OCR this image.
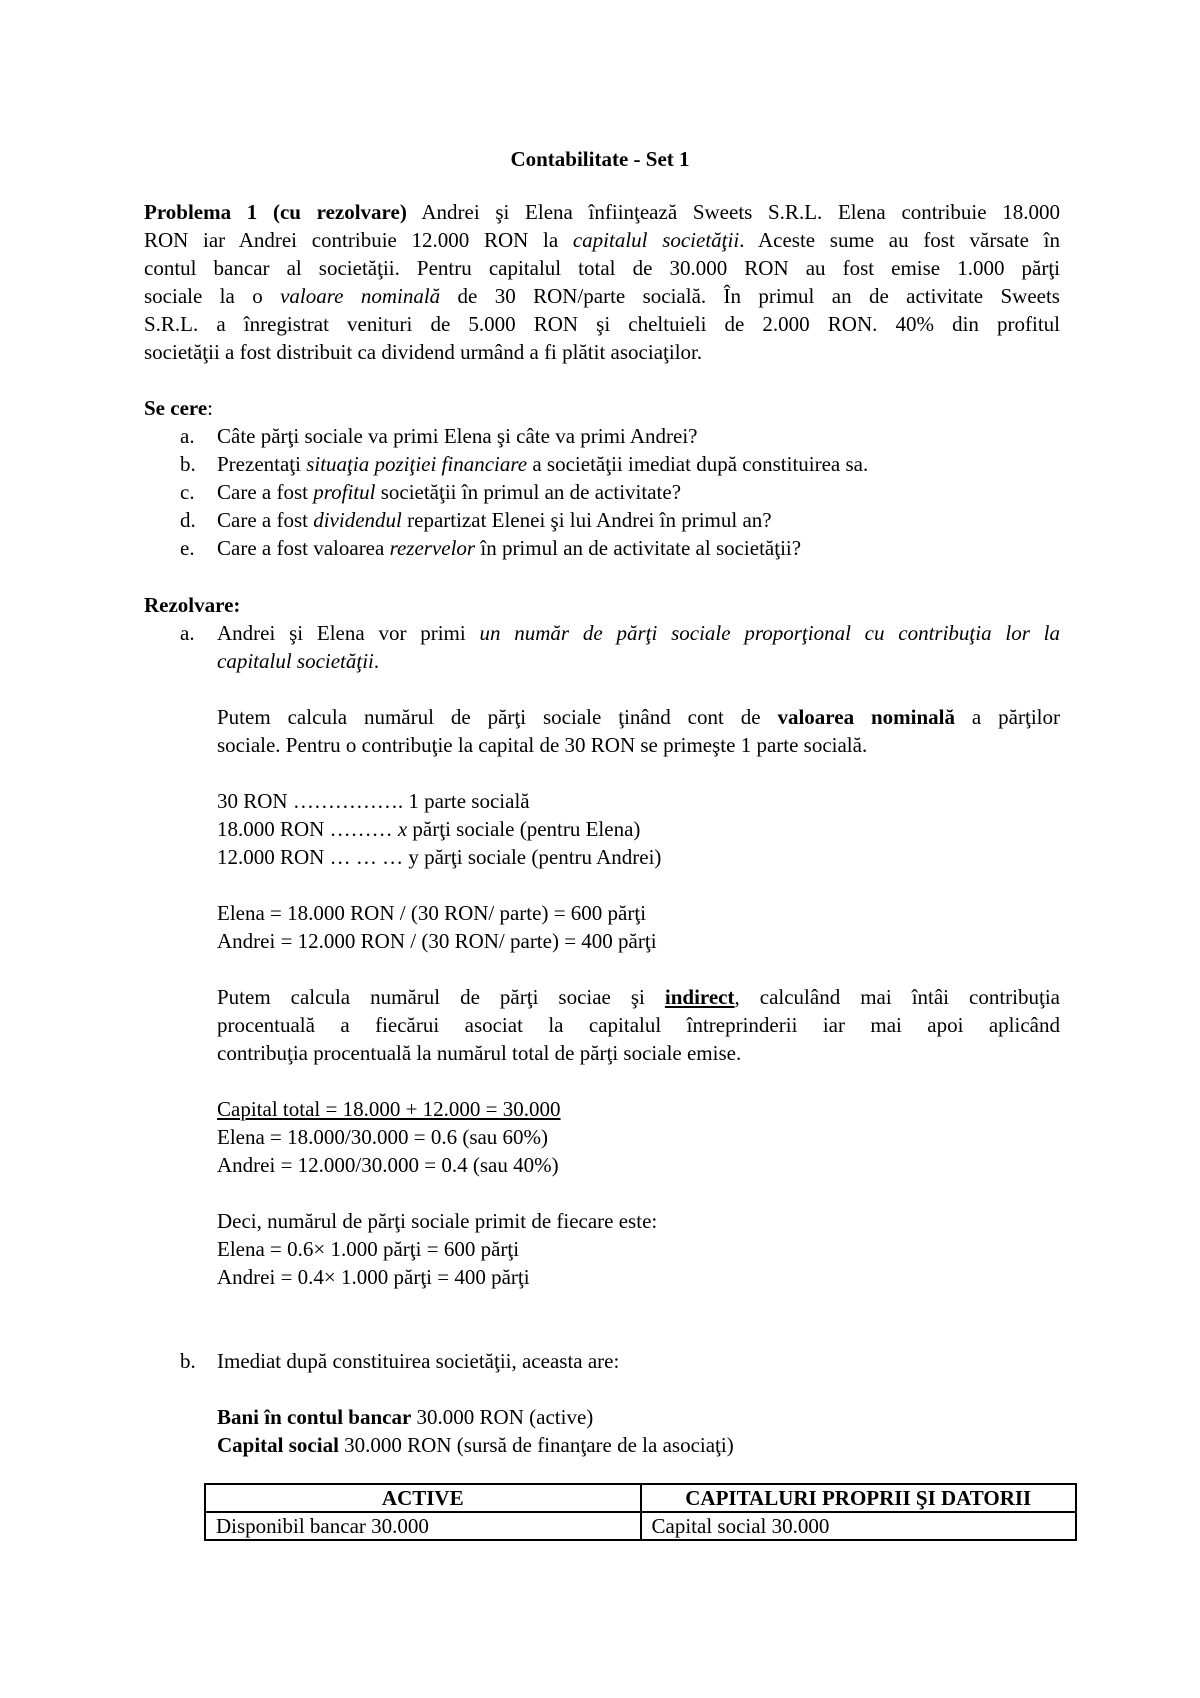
Contabilitate - Set 1
Problema 1 (cu rezolvare) Andrei şi Elena înfiinţează Sweets S.R.L. Elena contribuie 18.000
RON iar Andrei contribuie 12.000 RON la capitalul societăţii. Aceste sume au fost vărsate în
contul bancar al societăţii. Pentru capitalul total de 30.000 RON au fost emise 1.000 părţi
sociale la o valoare nominală de 30 RON/parte socială. În primul an de activitate Sweets
S.R.L. a înregistrat venituri de 5.000 RON şi cheltuieli de 2.000 RON. 40% din profitul
societăţii a fost distribuit ca dividend urmând a fi plătit asociaţilor.
Se cere:
a. Câte părţi sociale va primi Elena şi câte va primi Andrei?
b. Prezentaţi situaţia poziţiei financiare a societăţii imediat după constituirea sa.
c. Care a fost profitul societăţii în primul an de activitate?
d. Care a fost dividendul repartizat Elenei şi lui Andrei în primul an?
e. Care a fost valoarea rezervelor în primul an de activitate al societăţii?
Rezolvare:
a. Andrei şi Elena vor primi un număr de părţi sociale proporţional cu contribuţia lor la
capitalul societăţii.
Putem calcula numărul de părţi sociale ţinând cont de valoarea nominală a părţilor
sociale. Pentru o contribuţie la capital de 30 RON se primeşte 1 parte socială.
30 RON ……………. 1 parte socială
18.000 RON ……… x părţi sociale (pentru Elena)
12.000 RON … … … y părţi sociale (pentru Andrei)
Elena = 18.000 RON / (30 RON/ parte) = 600 părţi
Andrei = 12.000 RON / (30 RON/ parte) = 400 părţi
Putem calcula numărul de părţi sociae şi indirect, calculând mai întâi contribuţia
procentuală a fiecărui asociat la capitalul întreprinderii iar mai apoi aplicând
contribuţia procentuală la numărul total de părţi sociale emise.
Capital total = 18.000 + 12.000 = 30.000
Elena = 18.000/30.000 = 0.6 (sau 60%)
Andrei = 12.000/30.000 = 0.4 (sau 40%)
Deci, numărul de părţi sociale primit de fiecare este:
Elena = 0.6× 1.000 părţi = 600 părţi
Andrei = 0.4× 1.000 părţi = 400 părţi
b. Imediat după constituirea societăţii, aceasta are:
Bani în contul bancar 30.000 RON (active)
Capital social 30.000 RON (sursă de finanţare de la asociaţi)
ACTIVE	CAPITALURI PROPRII ŞI DATORII
Disponibil bancar 30.000	Capital social 30.000
